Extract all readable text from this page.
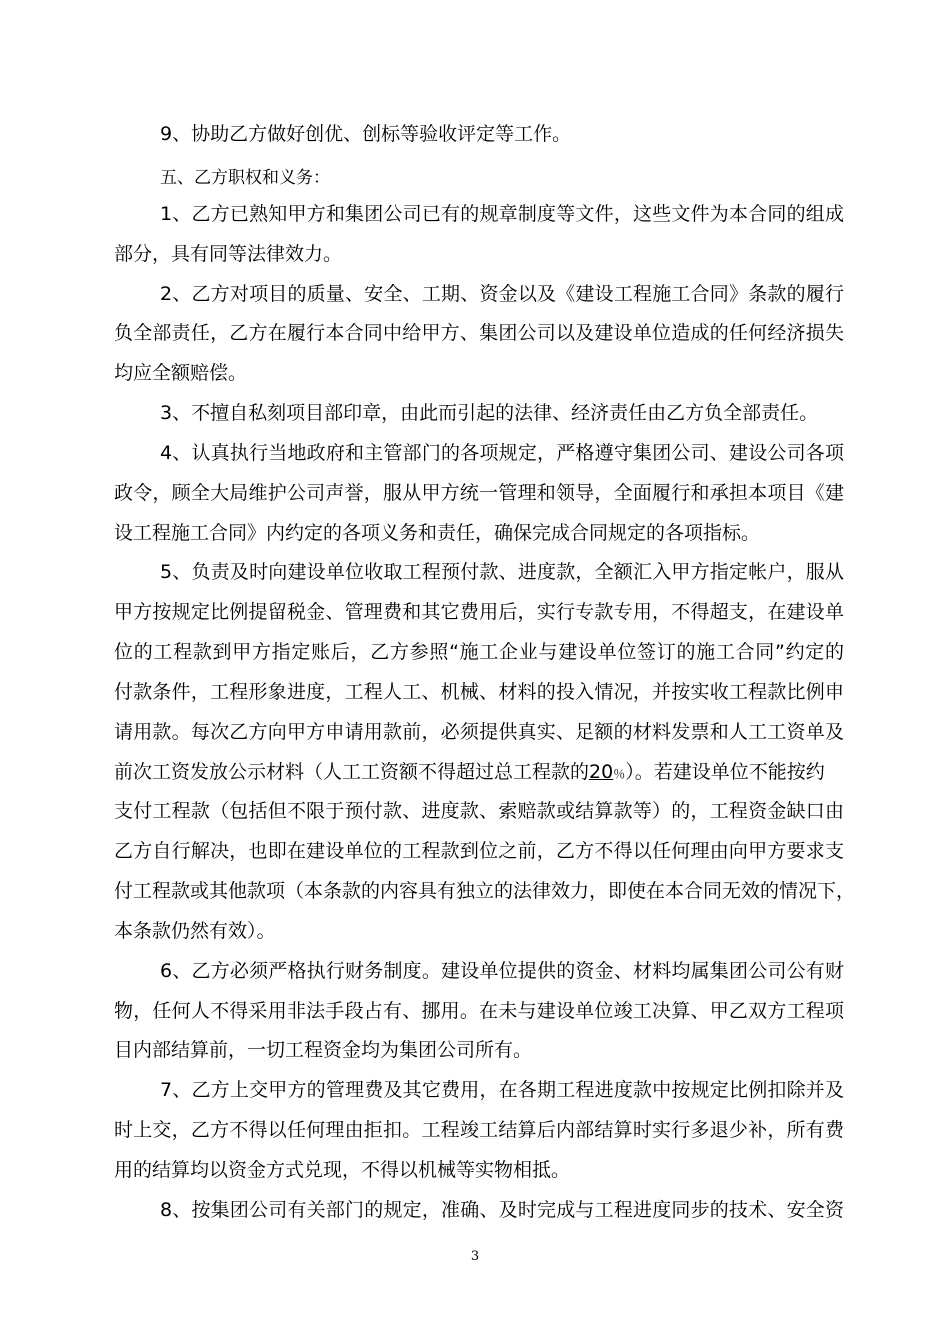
9、协助乙方做好创优、创标等验收评定等工作。
五、乙方职权和义务：
1、乙方已熟知甲方和集团公司已有的规章制度等文件，这些文件为本合同的组成
部分，具有同等法律效力。
2、乙方对项目的质量、安全、工期、资金以及《建设工程施工合同》条款的履行
负全部责任，乙方在履行本合同中给甲方、集团公司以及建设单位造成的任何经济损失
均应全额赔偿。
3、不擅自私刻项目部印章，由此而引起的法律、经济责任由乙方负全部责任。
4、认真执行当地政府和主管部门的各项规定，严格遵守集团公司、建设公司各项
政令，顾全大局维护公司声誉，服从甲方统一管理和领导，全面履行和承担本项目《建
设工程施工合同》内约定的各项义务和责任，确保完成合同规定的各项指标。
5、负责及时向建设单位收取工程预付款、进度款，全额汇入甲方指定帐户，服从
甲方按规定比例提留税金、管理费和其它费用后，实行专款专用，不得超支，在建设单
位的工程款到甲方指定账后，乙方参照“施工企业与建设单位签订的施工合同”约定的
付款条件，工程形象进度，工程人工、机械、材料的投入情况，并按实收工程款比例申
请用款。每次乙方向甲方申请用款前，必须提供真实、足额的材料发票和人工工资单及
前次工资发放公示材料（人工工资额不得超过总工程款的20％）。若建设单位不能按约
支付工程款（包括但不限于预付款、进度款、索赔款或结算款等）的，工程资金缺口由
乙方自行解决，也即在建设单位的工程款到位之前，乙方不得以任何理由向甲方要求支
付工程款或其他款项（本条款的内容具有独立的法律效力，即使在本合同无效的情况下，
本条款仍然有效）。
6、乙方必须严格执行财务制度。建设单位提供的资金、材料均属集团公司公有财
物，任何人不得采用非法手段占有、挪用。在未与建设单位竣工决算、甲乙双方工程项
目内部结算前，一切工程资金均为集团公司所有。
7、乙方上交甲方的管理费及其它费用，在各期工程进度款中按规定比例扣除并及
时上交，乙方不得以任何理由拒扣。工程竣工结算后内部结算时实行多退少补，所有费
用的结算均以资金方式兑现，不得以机械等实物相抵。
8、按集团公司有关部门的规定，准确、及时完成与工程进度同步的技术、安全资
3
